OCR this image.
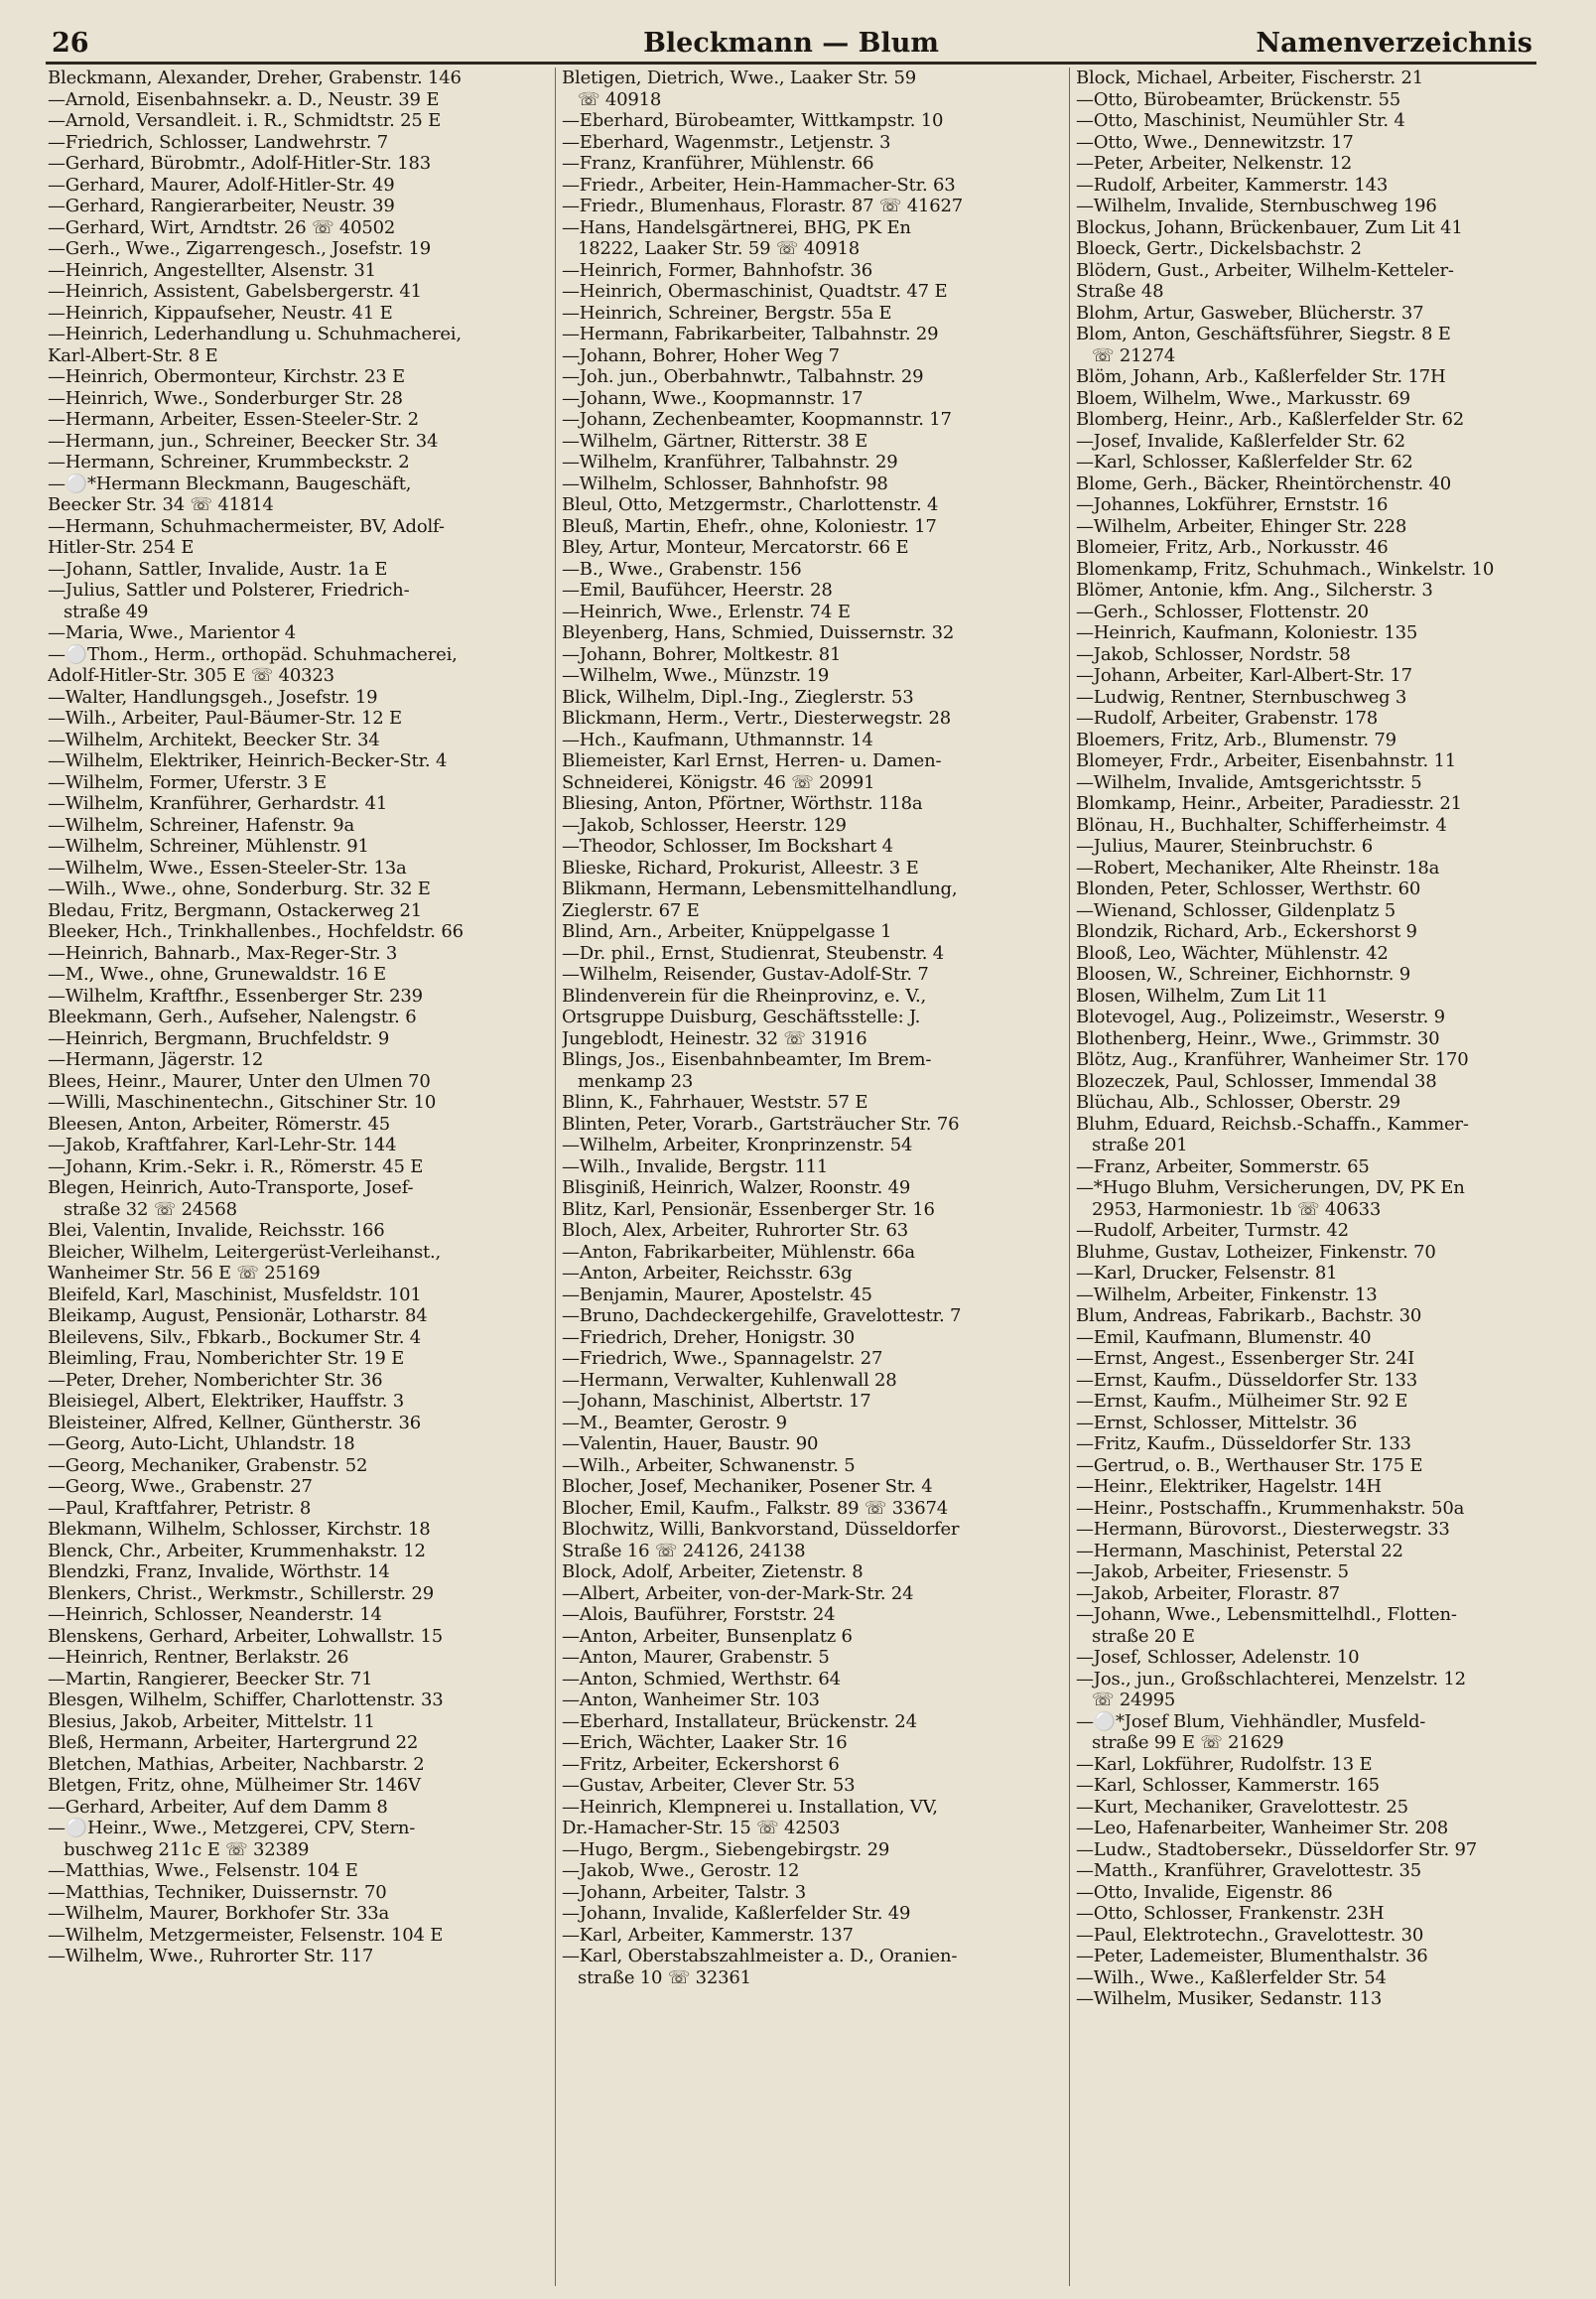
26	Bleckmann — Blum	Namenverzeichnis
Bleckmann, Alexander, Dreher, Grabenstr. 146
—Arnold, Eisenbahnsekr. a. D., Neustr. 39 E
—Arnold, Versandleit. i. R., Schmidtstr. 25 E
—Friedrich, Schlosser, Landwehrstr. 7
—Gerhard, Bürobmtr., Adolf-Hitler-Str. 183
—Gerhard, Maurer, Adolf-Hitler-Str. 49
—Gerhard, Rangierarbeiter, Neustr. 39
—Gerhard, Wirt, Arndtstr. 26 ☏ 40502
—Gerh., Wwe., Zigarrengesch., Josefstr. 19
—Heinrich, Angestellter, Alsenstr. 31
—Heinrich, Assistent, Gabelsbergerstr. 41
—Heinrich, Kippaufseher, Neustr. 41 E
—Heinrich, Lederhandlung u. Schuhmacherei,
Karl-Albert-Str. 8 E
—Heinrich, Obermonteur, Kirchstr. 23 E
—Heinrich, Wwe., Sonderburger Str. 28
—Hermann, Arbeiter, Essen-Steeler-Str. 2
—Hermann, jun., Schreiner, Beecker Str. 34
—Hermann, Schreiner, Krummbeckstr. 2
—⚪*Hermann Bleckmann, Baugeschäft,
Beecker Str. 34 ☏ 41814
—Hermann, Schuhmachermeister, BV, Adolf-
Hitler-Str. 254 E
—Johann, Sattler, Invalide, Austr. 1a E
—Julius, Sattler und Polsterer, Friedrich-
straße 49
—Maria, Wwe., Marientor 4
—⚪Thom., Herm., orthopäd. Schuhmacherei,
Adolf-Hitler-Str. 305 E ☏ 40323
—Walter, Handlungsgeh., Josefstr. 19
—Wilh., Arbeiter, Paul-Bäumer-Str. 12 E
—Wilhelm, Architekt, Beecker Str. 34
—Wilhelm, Elektriker, Heinrich-Becker-Str. 4
—Wilhelm, Former, Uferstr. 3 E
—Wilhelm, Kranführer, Gerhardstr. 41
—Wilhelm, Schreiner, Hafenstr. 9a
—Wilhelm, Schreiner, Mühlenstr. 91
—Wilhelm, Wwe., Essen-Steeler-Str. 13a
—Wilh., Wwe., ohne, Sonderburg. Str. 32 E
Bledau, Fritz, Bergmann, Ostackerweg 21
Bleeker, Hch., Trinkhallenbes., Hochfeldstr. 66
—Heinrich, Bahnarb., Max-Reger-Str. 3
—M., Wwe., ohne, Grunewaldstr. 16 E
—Wilhelm, Kraftfhr., Essenberger Str. 239
Bleekmann, Gerh., Aufseher, Nalengstr. 6
—Heinrich, Bergmann, Bruchfeldstr. 9
—Hermann, Jägerstr. 12
Blees, Heinr., Maurer, Unter den Ulmen 70
—Willi, Maschinentechn., Gitschiner Str. 10
Bleesen, Anton, Arbeiter, Römerstr. 45
—Jakob, Kraftfahrer, Karl-Lehr-Str. 144
—Johann, Krim.-Sekr. i. R., Römerstr. 45 E
Blegen, Heinrich, Auto-Transporte, Josef-
straße 32 ☏ 24568
Blei, Valentin, Invalide, Reichsstr. 166
Bleicher, Wilhelm, Leitergerüst-Verleihanst.,
Wanheimer Str. 56 E ☏ 25169
Bleifeld, Karl, Maschinist, Musfeldstr. 101
Bleikamp, August, Pensionär, Lotharstr. 84
Bleilevens, Silv., Fbkarb., Bockumer Str. 4
Bleimling, Frau, Nomberichter Str. 19 E
—Peter, Dreher, Nomberichter Str. 36
Bleisiegel, Albert, Elektriker, Hauffstr. 3
Bleisteiner, Alfred, Kellner, Güntherstr. 36
—Georg, Auto-Licht, Uhlandstr. 18
—Georg, Mechaniker, Grabenstr. 52
—Georg, Wwe., Grabenstr. 27
—Paul, Kraftfahrer, Petristr. 8
Blekmann, Wilhelm, Schlosser, Kirchstr. 18
Blenck, Chr., Arbeiter, Krummenhakstr. 12
Blendzki, Franz, Invalide, Wörthstr. 14
Blenkers, Christ., Werkmstr., Schillerstr. 29
—Heinrich, Schlosser, Neanderstr. 14
Blenskens, Gerhard, Arbeiter, Lohwallstr. 15
—Heinrich, Rentner, Berlakstr. 26
—Martin, Rangierer, Beecker Str. 71
Blesgen, Wilhelm, Schiffer, Charlottenstr. 33
Blesius, Jakob, Arbeiter, Mittelstr. 11
Bleß, Hermann, Arbeiter, Hartergrund 22
Bletchen, Mathias, Arbeiter, Nachbarstr. 2
Bletgen, Fritz, ohne, Mülheimer Str. 146V
—Gerhard, Arbeiter, Auf dem Damm 8
—⚪Heinr., Wwe., Metzgerei, CPV, Stern-
buschweg 211c E ☏ 32389
—Matthias, Wwe., Felsenstr. 104 E
—Matthias, Techniker, Duissernstr. 70
—Wilhelm, Maurer, Borkhofer Str. 33a
—Wilhelm, Metzgermeister, Felsenstr. 104 E
—Wilhelm, Wwe., Ruhrorter Str. 117
Bletigen, Dietrich, Wwe., Laaker Str. 59
☏ 40918
—Eberhard, Bürobeamter, Wittkampstr. 10
—Eberhard, Wagenmstr., Letjenstr. 3
—Franz, Kranführer, Mühlenstr. 66
—Friedr., Arbeiter, Hein-Hammacher-Str. 63
—Friedr., Blumenhaus, Florastr. 87 ☏ 41627
—Hans, Handelsgärtnerei, BHG, PK En
18222, Laaker Str. 59 ☏ 40918
—Heinrich, Former, Bahnhofstr. 36
—Heinrich, Obermaschinist, Quadtstr. 47 E
—Heinrich, Schreiner, Bergstr. 55a E
—Hermann, Fabrikarbeiter, Talbahnstr. 29
—Johann, Bohrer, Hoher Weg 7
—Joh. jun., Oberbahnwtr., Talbahnstr. 29
—Johann, Wwe., Koopmannstr. 17
—Johann, Zechenbeamter, Koopmannstr. 17
—Wilhelm, Gärtner, Ritterstr. 38 E
—Wilhelm, Kranführer, Talbahnstr. 29
—Wilhelm, Schlosser, Bahnhofstr. 98
Bleul, Otto, Metzgermstr., Charlottenstr. 4
Bleuß, Martin, Ehefr., ohne, Koloniestr. 17
Bley, Artur, Monteur, Mercatorstr. 66 E
—B., Wwe., Grabenstr. 156
—Emil, Baufühcer, Heerstr. 28
—Heinrich, Wwe., Erlenstr. 74 E
Bleyenberg, Hans, Schmied, Duissernstr. 32
—Johann, Bohrer, Moltkestr. 81
—Wilhelm, Wwe., Münzstr. 19
Blick, Wilhelm, Dipl.-Ing., Zieglerstr. 53
Blickmann, Herm., Vertr., Diesterwegstr. 28
—Hch., Kaufmann, Uthmannstr. 14
Bliemeister, Karl Ernst, Herren- u. Damen-
Schneiderei, Königstr. 46 ☏ 20991
Bliesing, Anton, Pförtner, Wörthstr. 118a
—Jakob, Schlosser, Heerstr. 129
—Theodor, Schlosser, Im Bockshart 4
Blieske, Richard, Prokurist, Alleestr. 3 E
Blikmann, Hermann, Lebensmittelhandlung,
Zieglerstr. 67 E
Blind, Arn., Arbeiter, Knüppelgasse 1
—Dr. phil., Ernst, Studienrat, Steubenstr. 4
—Wilhelm, Reisender, Gustav-Adolf-Str. 7
Blindenverein für die Rheinprovinz, e. V.,
Ortsgruppe Duisburg, Geschäftsstelle: J.
Jungeblodt, Heinestr. 32 ☏ 31916
Blings, Jos., Eisenbahnbeamter, Im Brem-
menkamp 23
Blinn, K., Fahrhauer, Weststr. 57 E
Blinten, Peter, Vorarb., Gartsträucher Str. 76
—Wilhelm, Arbeiter, Kronprinzenstr. 54
—Wilh., Invalide, Bergstr. 111
Blisginiß, Heinrich, Walzer, Roonstr. 49
Blitz, Karl, Pensionär, Essenberger Str. 16
Bloch, Alex, Arbeiter, Ruhrorter Str. 63
—Anton, Fabrikarbeiter, Mühlenstr. 66a
—Anton, Arbeiter, Reichsstr. 63g
—Benjamin, Maurer, Apostelstr. 45
—Bruno, Dachdeckergehilfe, Gravelottestr. 7
—Friedrich, Dreher, Honigstr. 30
—Friedrich, Wwe., Spannagelstr. 27
—Hermann, Verwalter, Kuhlenwall 28
—Johann, Maschinist, Albertstr. 17
—M., Beamter, Gerostr. 9
—Valentin, Hauer, Baustr. 90
—Wilh., Arbeiter, Schwanenstr. 5
Blocher, Josef, Mechaniker, Posener Str. 4
Blocher, Emil, Kaufm., Falkstr. 89 ☏ 33674
Blochwitz, Willi, Bankvorstand, Düsseldorfer
Straße 16 ☏ 24126, 24138
Block, Adolf, Arbeiter, Zietenstr. 8
—Albert, Arbeiter, von-der-Mark-Str. 24
—Alois, Bauführer, Forststr. 24
—Anton, Arbeiter, Bunsenplatz 6
—Anton, Maurer, Grabenstr. 5
—Anton, Schmied, Werthstr. 64
—Anton, Wanheimer Str. 103
—Eberhard, Installateur, Brückenstr. 24
—Erich, Wächter, Laaker Str. 16
—Fritz, Arbeiter, Eckershorst 6
—Gustav, Arbeiter, Clever Str. 53
—Heinrich, Klempnerei u. Installation, VV,
Dr.-Hamacher-Str. 15 ☏ 42503
—Hugo, Bergm., Siebengebirgstr. 29
—Jakob, Wwe., Gerostr. 12
—Johann, Arbeiter, Talstr. 3
—Johann, Invalide, Kaßlerfelder Str. 49
—Karl, Arbeiter, Kammerstr. 137
—Karl, Oberstabszahlmeister a. D., Oranien-
straße 10 ☏ 32361
Block, Michael, Arbeiter, Fischerstr. 21
—Otto, Bürobeamter, Brückenstr. 55
—Otto, Maschinist, Neumühler Str. 4
—Otto, Wwe., Dennewitzstr. 17
—Peter, Arbeiter, Nelkenstr. 12
—Rudolf, Arbeiter, Kammerstr. 143
—Wilhelm, Invalide, Sternbuschweg 196
Blockus, Johann, Brückenbauer, Zum Lit 41
Bloeck, Gertr., Dickelsbachstr. 2
Blödern, Gust., Arbeiter, Wilhelm-Ketteler-
Straße 48
Blohm, Artur, Gasweber, Blücherstr. 37
Blom, Anton, Geschäftsführer, Siegstr. 8 E
☏ 21274
Blöm, Johann, Arb., Kaßlerfelder Str. 17H
Bloem, Wilhelm, Wwe., Markusstr. 69
Blomberg, Heinr., Arb., Kaßlerfelder Str. 62
—Josef, Invalide, Kaßlerfelder Str. 62
—Karl, Schlosser, Kaßlerfelder Str. 62
Blome, Gerh., Bäcker, Rheintörchenstr. 40
—Johannes, Lokführer, Ernststr. 16
—Wilhelm, Arbeiter, Ehinger Str. 228
Blomeier, Fritz, Arb., Norkusstr. 46
Blomenkamp, Fritz, Schuhmach., Winkelstr. 10
Blömer, Antonie, kfm. Ang., Silcherstr. 3
—Gerh., Schlosser, Flottenstr. 20
—Heinrich, Kaufmann, Koloniestr. 135
—Jakob, Schlosser, Nordstr. 58
—Johann, Arbeiter, Karl-Albert-Str. 17
—Ludwig, Rentner, Sternbuschweg 3
—Rudolf, Arbeiter, Grabenstr. 178
Bloemers, Fritz, Arb., Blumenstr. 79
Blomeyer, Frdr., Arbeiter, Eisenbahnstr. 11
—Wilhelm, Invalide, Amtsgerichtsstr. 5
Blomkamp, Heinr., Arbeiter, Paradiesstr. 21
Blönau, H., Buchhalter, Schifferheimstr. 4
—Julius, Maurer, Steinbruchstr. 6
—Robert, Mechaniker, Alte Rheinstr. 18a
Blonden, Peter, Schlosser, Werthstr. 60
—Wienand, Schlosser, Gildenplatz 5
Blondzik, Richard, Arb., Eckershorst 9
Blooß, Leo, Wächter, Mühlenstr. 42
Bloosen, W., Schreiner, Eichhornstr. 9
Blosen, Wilhelm, Zum Lit 11
Blotevogel, Aug., Polizeimstr., Weserstr. 9
Blothenberg, Heinr., Wwe., Grimmstr. 30
Blötz, Aug., Kranführer, Wanheimer Str. 170
Blozeczek, Paul, Schlosser, Immendal 38
Blüchau, Alb., Schlosser, Oberstr. 29
Bluhm, Eduard, Reichsb.-Schaffn., Kammer-
straße 201
—Franz, Arbeiter, Sommerstr. 65
—*Hugo Bluhm, Versicherungen, DV, PK En
2953, Harmoniestr. 1b ☏ 40633
—Rudolf, Arbeiter, Turmstr. 42
Bluhme, Gustav, Lotheizer, Finkenstr. 70
—Karl, Drucker, Felsenstr. 81
—Wilhelm, Arbeiter, Finkenstr. 13
Blum, Andreas, Fabrikarb., Bachstr. 30
—Emil, Kaufmann, Blumenstr. 40
—Ernst, Angest., Essenberger Str. 24I
—Ernst, Kaufm., Düsseldorfer Str. 133
—Ernst, Kaufm., Mülheimer Str. 92 E
—Ernst, Schlosser, Mittelstr. 36
—Fritz, Kaufm., Düsseldorfer Str. 133
—Gertrud, o. B., Werthauser Str. 175 E
—Heinr., Elektriker, Hagelstr. 14H
—Heinr., Postschaffn., Krummenhakstr. 50a
—Hermann, Bürovorst., Diesterwegstr. 33
—Hermann, Maschinist, Peterstal 22
—Jakob, Arbeiter, Friesenstr. 5
—Jakob, Arbeiter, Florastr. 87
—Johann, Wwe., Lebensmittelhdl., Flotten-
straße 20 E
—Josef, Schlosser, Adelenstr. 10
—Jos., jun., Großschlachterei, Menzelstr. 12
☏ 24995
—⚪*Josef Blum, Viehhändler, Musfeld-
straße 99 E ☏ 21629
—Karl, Lokführer, Rudolfstr. 13 E
—Karl, Schlosser, Kammerstr. 165
—Kurt, Mechaniker, Gravelottestr. 25
—Leo, Hafenarbeiter, Wanheimer Str. 208
—Ludw., Stadtobersekr., Düsseldorfer Str. 97
—Matth., Kranführer, Gravelottestr. 35
—Otto, Invalide, Eigenstr. 86
—Otto, Schlosser, Frankenstr. 23H
—Paul, Elektrotechn., Gravelottestr. 30
—Peter, Lademeister, Blumenthalstr. 36
—Wilh., Wwe., Kaßlerfelder Str. 54
—Wilhelm, Musiker, Sedanstr. 113
